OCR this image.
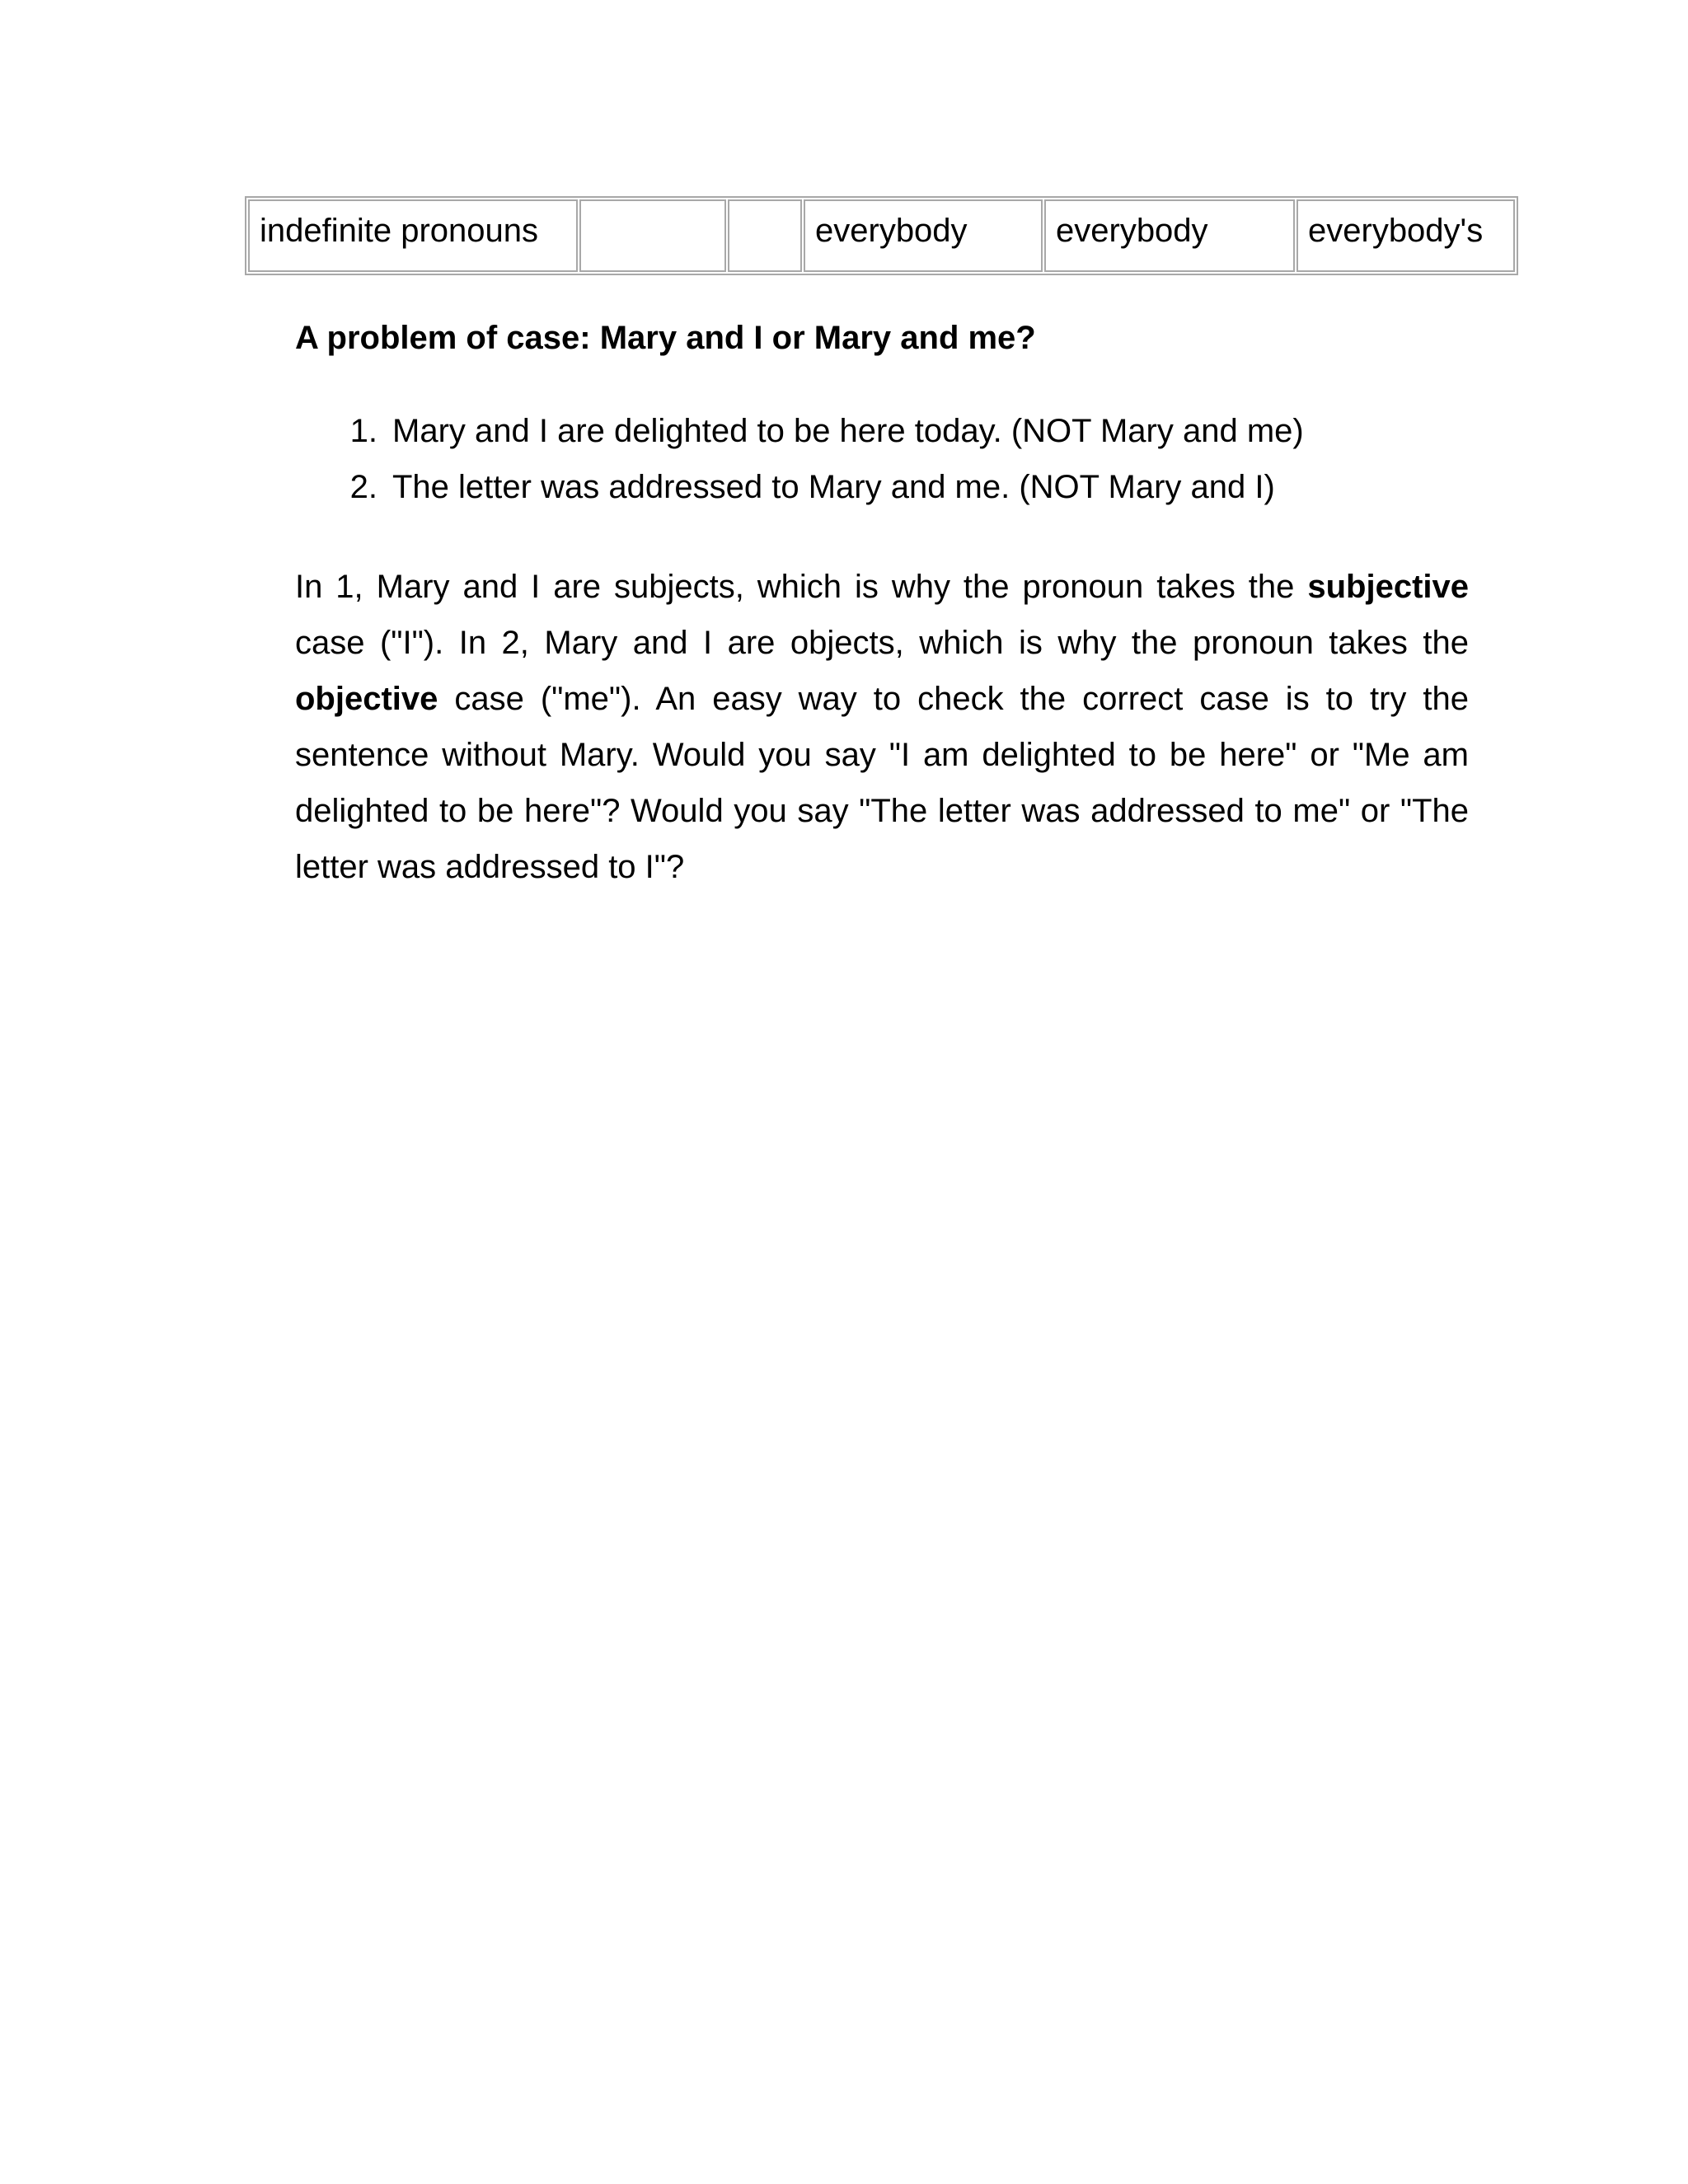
indefinite pronouns			everybody	everybody	everybody's
A problem of case: Mary and I or Mary and me?
1. Mary and I are delighted to be here today. (NOT Mary and me)
2. The letter was addressed to Mary and me. (NOT Mary and I)

In 1, Mary and I are subjects, which is why the pronoun takes the subjective case ("I"). In 2, Mary and I are objects, which is why the pronoun takes the objective case ("me"). An easy way to check the correct case is to try the sentence without Mary. Would you say "I am delighted to be here" or "Me am delighted to be here"? Would you say "The letter was addressed to me" or "The letter was addressed to I"?
